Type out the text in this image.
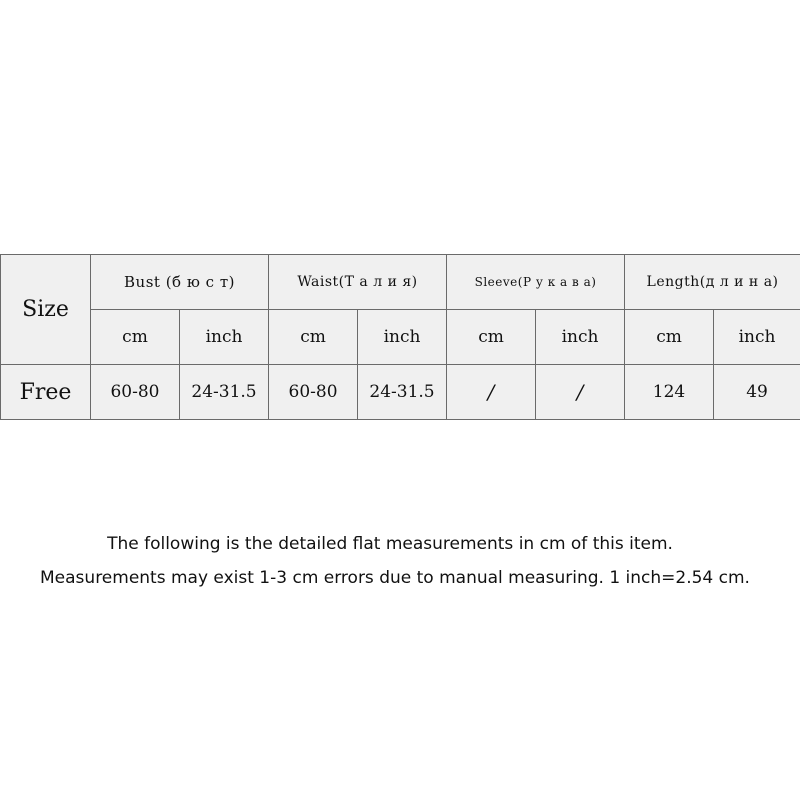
Size	Bust (б ю с т)		Waist(Т а л и я)		Sleeve(Р у к а в а)		Length(д л и н а)	
	cm	inch	cm	inch	cm	inch	cm	inch
Free	60-80	24-31.5	60-80	24-31.5	/	/	124	49

The following is the detailed flat measurements in cm of this item.

Measurements may exist 1-3 cm errors due to manual measuring. 1 inch=2.54 cm.
